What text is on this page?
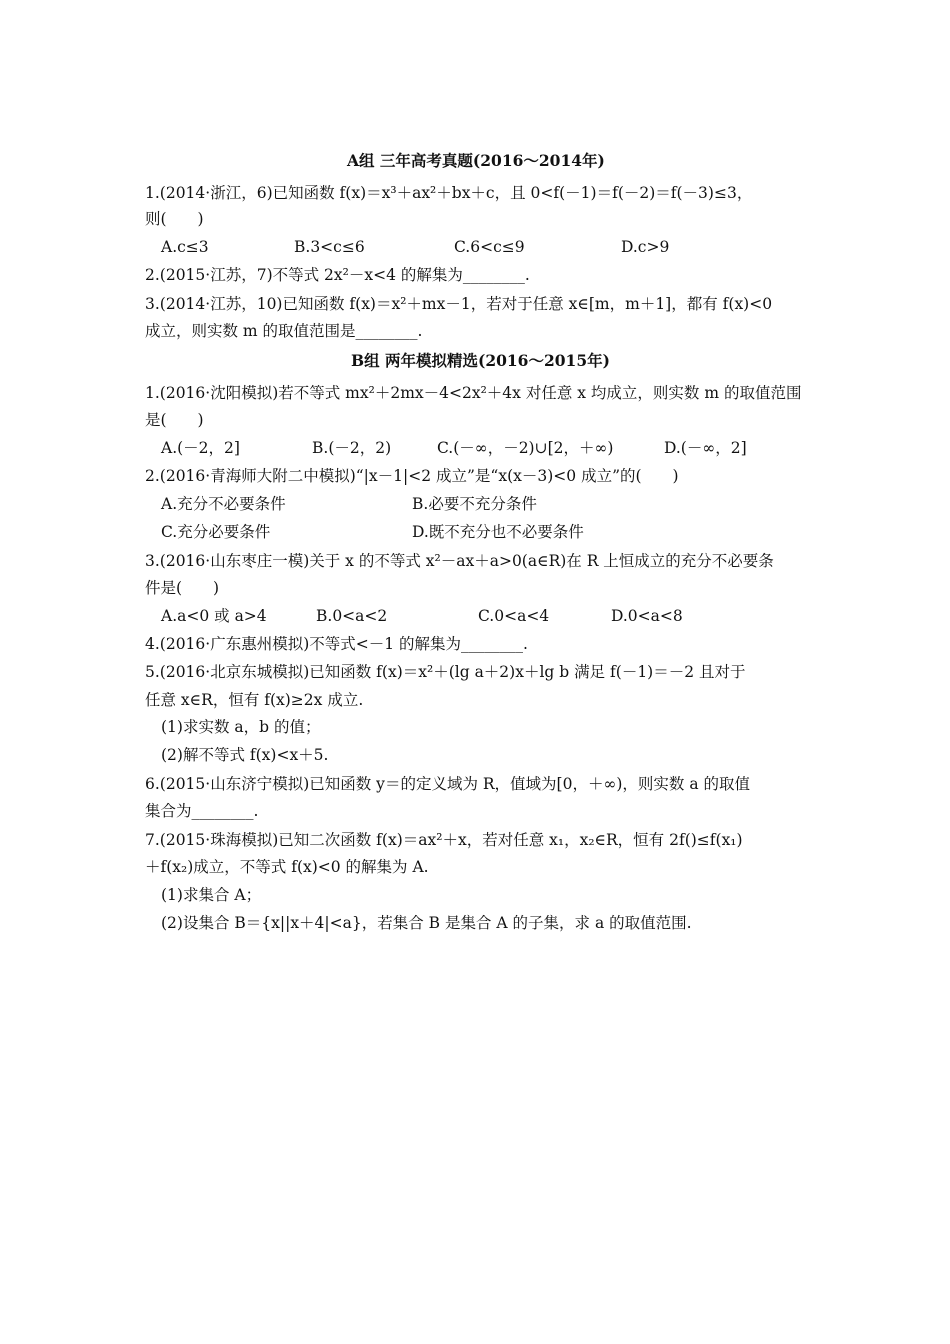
A组 三年高考真题(2016～2014年)
1.(2014·浙江，6)已知函数 f(x)＝x³＋ax²＋bx＋c，且 0<f(－1)＝f(－2)＝f(－3)≤3，
则(　　)
A.c≤3	B.3<c≤6	C.6<c≤9	D.c>9
2.(2015·江苏，7)不等式 2x²－x<4 的解集为________.
3.(2014·江苏，10)已知函数 f(x)＝x²＋mx－1，若对于任意 x∈[m，m＋1]，都有 f(x)<0
成立，则实数 m 的取值范围是________.
B组 两年模拟精选(2016～2015年)
1.(2016·沈阳模拟)若不等式 mx²＋2mx－4<2x²＋4x 对任意 x 均成立，则实数 m 的取值范围
是(　　)
A.(－2，2]	B.(－2，2)	C.(－∞，－2)∪[2，＋∞)	D.(－∞，2]
2.(2016·青海师大附二中模拟)“|x－1|<2 成立”是“x(x－3)<0 成立”的(　　)
A.充分不必要条件	B.必要不充分条件
C.充分必要条件	D.既不充分也不必要条件
3.(2016·山东枣庄一模)关于 x 的不等式 x²－ax＋a>0(a∈R)在 R 上恒成立的充分不必要条
件是(　　)
A.a<0 或 a>4	B.0<a<2	C.0<a<4	D.0<a<8
4.(2016·广东惠州模拟)不等式<－1 的解集为________.
5.(2016·北京东城模拟)已知函数 f(x)＝x²＋(lg a＋2)x＋lg b 满足 f(－1)＝－2 且对于
任意 x∈R，恒有 f(x)≥2x 成立.
(1)求实数 a，b 的值；
(2)解不等式 f(x)<x＋5.
6.(2015·山东济宁模拟)已知函数 y＝的定义域为 R，值域为[0，＋∞)，则实数 a 的取值
集合为________.
7.(2015·珠海模拟)已知二次函数 f(x)＝ax²＋x，若对任意 x₁，x₂∈R，恒有 2f()≤f(x₁)
＋f(x₂)成立，不等式 f(x)<0 的解集为 A.
(1)求集合 A；
(2)设集合 B＝{x||x＋4|<a}，若集合 B 是集合 A 的子集，求 a 的取值范围.
